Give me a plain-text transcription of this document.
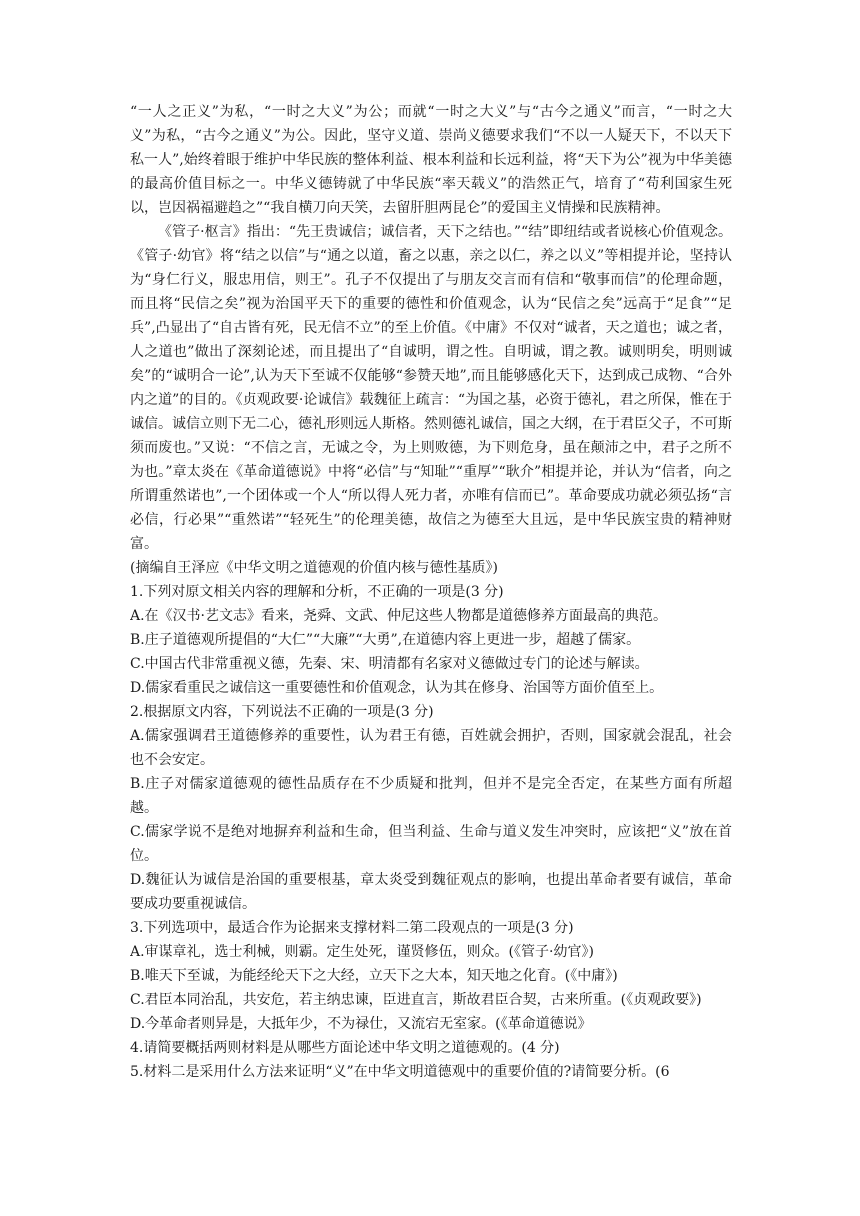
“一人之正义”为私，“一时之大义”为公；而就“一时之大义”与“古今之通义”而言，“一时之大义”为私，“古今之通义”为公。因此，坚守义道、崇尚义德要求我们“不以一人疑天下，不以天下私一人”,始终着眼于维护中华民族的整体利益、根本利益和长远利益，将“天下为公”视为中华美德的最高价值目标之一。中华义德铸就了中华民族“率天载义”的浩然正气，培育了“苟利国家生死以，岂因祸福避趋之”“我自横刀向天笑，去留肝胆两昆仑”的爱国主义情操和民族精神。

《管子·枢言》指出：“先王贵诚信；诚信者，天下之结也。”“结”即纽结或者说核心价值观念。《管子·幼官》将“结之以信”与“通之以道，畜之以惠，亲之以仁，养之以义”等相提并论，坚持认为“身仁行义，服忠用信，则王”。孔子不仅提出了与朋友交言而有信和“敬事而信”的伦理命题，而且将“民信之矣”视为治国平天下的重要的德性和价值观念，认为“民信之矣”远高于“足食”“足兵”,凸显出了“自古皆有死，民无信不立”的至上价值。《中庸》不仅对“诚者，天之道也；诚之者，人之道也”做出了深刻论述，而且提出了“自诚明，谓之性。自明诚，谓之教。诚则明矣，明则诚矣”的“诚明合一论”,认为天下至诚不仅能够“参赞天地”,而且能够感化天下，达到成己成物、“合外内之道”的目的。《贞观政要·论诚信》载魏征上疏言：“为国之基，必资于德礼，君之所保，惟在于诚信。诚信立则下无二心，德礼形则远人斯格。然则德礼诚信，国之大纲，在于君臣父子，不可斯须而废也。”又说：“不信之言，无诚之令，为上则败德，为下则危身，虽在颠沛之中，君子之所不为也。”章太炎在《革命道德说》中将“必信”与“知耻”“重厚”“耿介”相提并论，并认为“信者，向之所谓重然诺也”,一个团体或一个人“所以得人死力者，亦唯有信而已”。革命要成功就必须弘扬“言必信，行必果”“重然诺”“轻死生”的伦理美德，故信之为德至大且远，是中华民族宝贵的精神财富。

(摘编自王泽应《中华文明之道德观的价值内核与德性基质》)

1.下列对原文相关内容的理解和分析，不正确的一项是(3 分)

A.在《汉书·艺文志》看来，尧舜、文武、仲尼这些人物都是道德修养方面最高的典范。

B.庄子道德观所提倡的“大仁”“大廉”“大勇”,在道德内容上更进一步，超越了儒家。

C.中国古代非常重视义德，先秦、宋、明清都有名家对义德做过专门的论述与解读。

D.儒家看重民之诚信这一重要德性和价值观念，认为其在修身、治国等方面价值至上。

2.根据原文内容，下列说法不正确的一项是(3 分)

A.儒家强调君王道德修养的重要性，认为君王有德，百姓就会拥护，否则，国家就会混乱，社会也不会安定。

B.庄子对儒家道德观的德性品质存在不少质疑和批判，但并不是完全否定，在某些方面有所超越。

C.儒家学说不是绝对地摒弃利益和生命，但当利益、生命与道义发生冲突时，应该把“义”放在首位。

D.魏征认为诚信是治国的重要根基，章太炎受到魏征观点的影响，也提出革命者要有诚信，革命要成功要重视诚信。

3.下列选项中，最适合作为论据来支撑材料二第二段观点的一项是(3 分)

A.审谋章礼，选士利械，则霸。定生处死，谨贤修伍，则众。(《管子·幼官》)

B.唯天下至诚，为能经纶天下之大经，立天下之大本，知天地之化育。(《中庸》)

C.君臣本同治乱，共安危，若主纳忠谏，臣进直言，斯故君臣合契，古来所重。(《贞观政要》)

D.今革命者则异是，大抵年少，不为禄仕，又流宕无室家。(《革命道德说》

4.请简要概括两则材料是从哪些方面论述中华文明之道德观的。(4 分)

5.材料二是采用什么方法来证明“义”在中华文明道德观中的重要价值的?请简要分析。(6
